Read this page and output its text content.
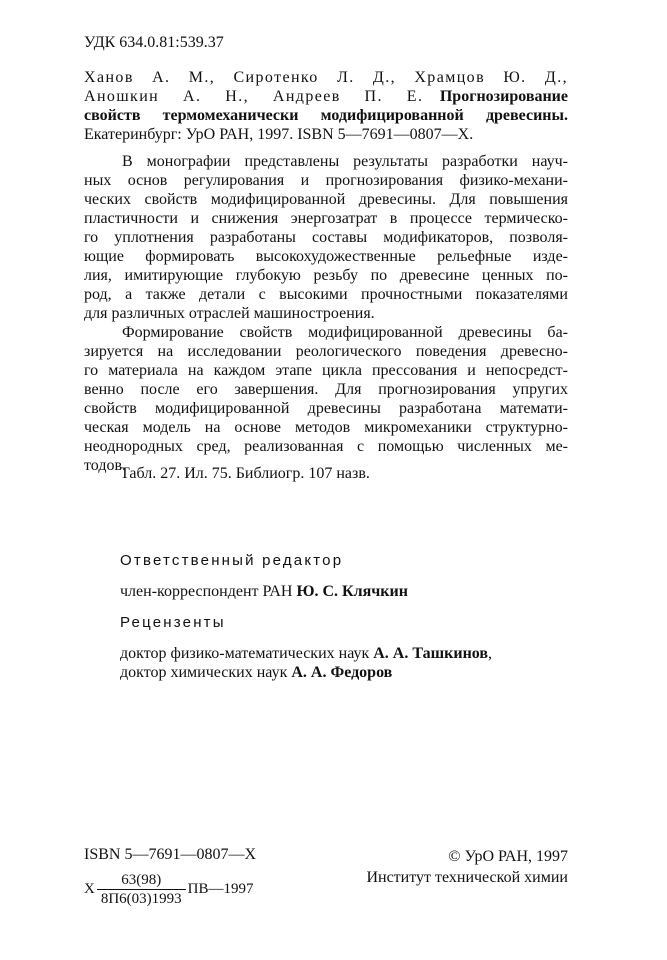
УДК 634.0.81:539.37
Ханов А. М., Сиротенко Л. Д., Храмцов Ю. Д.,
Аношкин А. Н., Андреев П. Е. Прогнозирование
свойств термомеханически модифицированной древесины.
Екатеринбург: УрО РАН, 1997. ISBN 5—7691—0807—X.
В монографии представлены результаты разработки науч-
ных основ регулирования и прогнозирования физико-механи-
ческих свойств модифицированной древесины. Для повышения
пластичности и снижения энергозатрат в процессе термическо-
го уплотнения разработаны составы модификаторов, позволя-
ющие формировать высокохудожественные рельефные изде-
лия, имитирующие глубокую резьбу по древесине ценных по-
род, а также детали с высокими прочностными показателями
для различных отраслей машиностроения.
Формирование свойств модифицированной древесины ба-
зируется на исследовании реологического поведения древесно-
го материала на каждом этапе цикла прессования и непосредст-
венно после его завершения. Для прогнозирования упругих
свойств модифицированной древесины разработана математи-
ческая модель на основе методов микромеханики структурно-
неоднородных сред, реализованная с помощью численных ме-
тодов.
Табл. 27. Ил. 75. Библиогр. 107 назв.
Ответственный редактор
член-корреспондент РАН Ю. С. Клячкин
Рецензенты
доктор физико-математических наук А. А. Ташкинов,
доктор химических наук А. А. Федоров
ISBN 5—7691—0807—X	© УрО РАН, 1997
Институт технической химии
Х $\frac{63(98)}{8П6(03)1993}$ ПВ—1997
